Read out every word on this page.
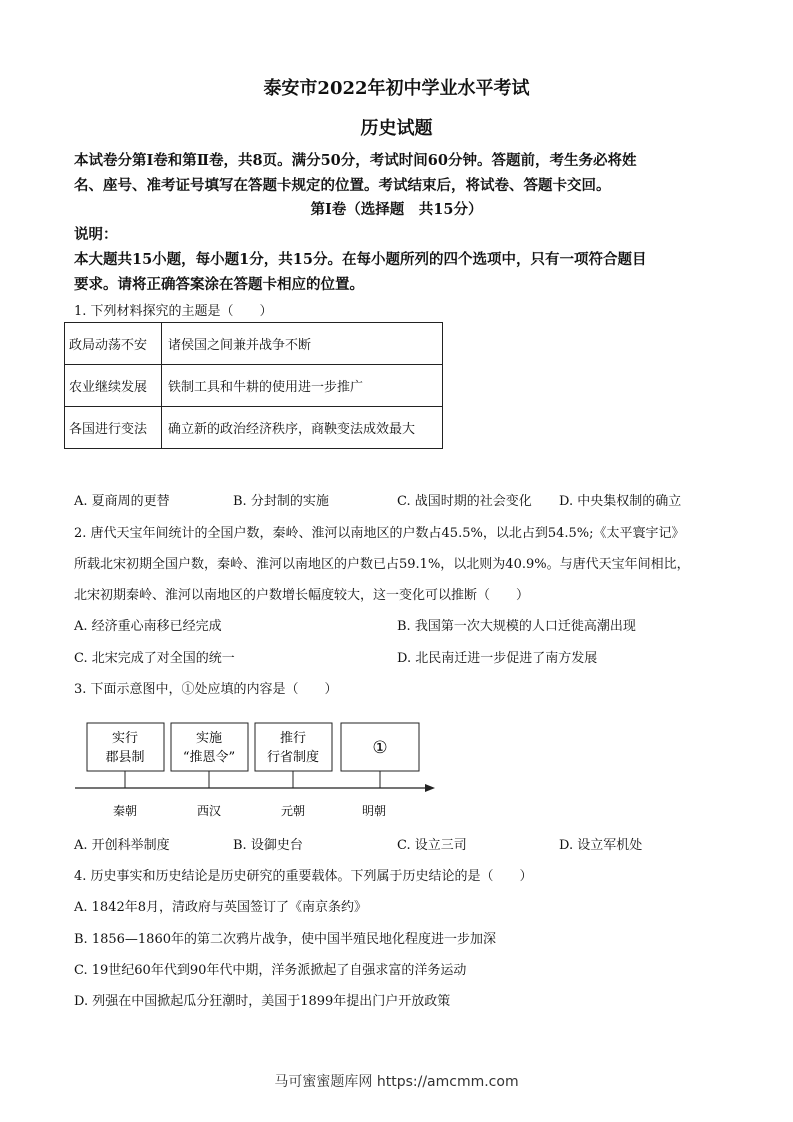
泰安市2022年初中学业水平考试
历史试题
本试卷分第Ⅰ卷和第Ⅱ卷，共8页。满分50分，考试时间60分钟。答题前，考生务必将姓
名、座号、准考证号填写在答题卡规定的位置。考试结束后，将试卷、答题卡交回。
第Ⅰ卷（选择题　共15分）
说明：
本大题共15小题，每小题1分，共15分。在每小题所列的四个选项中，只有一项符合题目
要求。请将正确答案涂在答题卡相应的位置。
1. 下列材料探究的主题是（　　）
政局动荡不安	诸侯国之间兼并战争不断
农业继续发展	铁制工具和牛耕的使用进一步推广
各国进行变法	确立新的政治经济秩序，商鞅变法成效最大
A. 夏商周的更替	B. 分封制的实施	C. 战国时期的社会变化 D. 中央集权制的确立
2. 唐代天宝年间统计的全国户数，秦岭、淮河以南地区的户数占45.5%，以北占到54.5%;《太平寰宇记》
所载北宋初期全国户数，秦岭、淮河以南地区的户数已占59.1%，以北则为40.9%。与唐代天宝年间相比，
北宋初期秦岭、淮河以南地区的户数增长幅度较大，这一变化可以推断（　　）
A. 经济重心南移已经完成	B. 我国第一次大规模的人口迁徙高潮出现
C. 北宋完成了对全国的统一	D. 北民南迁进一步促进了南方发展
3. 下面示意图中，①处应填的内容是（　　）
实行
郡县制
实施
“推恩令”
推行
行省制度	①
秦朝	西汉	元朝	明朝
A. 开创科举制度	B. 设御史台	C. 设立三司	D. 设立军机处
4. 历史事实和历史结论是历史研究的重要载体。下列属于历史结论的是（　　）
A. 1842年8月，清政府与英国签订了《南京条约》
B. 1856—1860年的第二次鸦片战争，使中国半殖民地化程度进一步加深
C. 19世纪60年代到90年代中期，洋务派掀起了自强求富的洋务运动
D. 列强在中国掀起瓜分狂潮时，美国于1899年提出门户开放政策
马可蜜蜜题库网 https://amcmm.com
